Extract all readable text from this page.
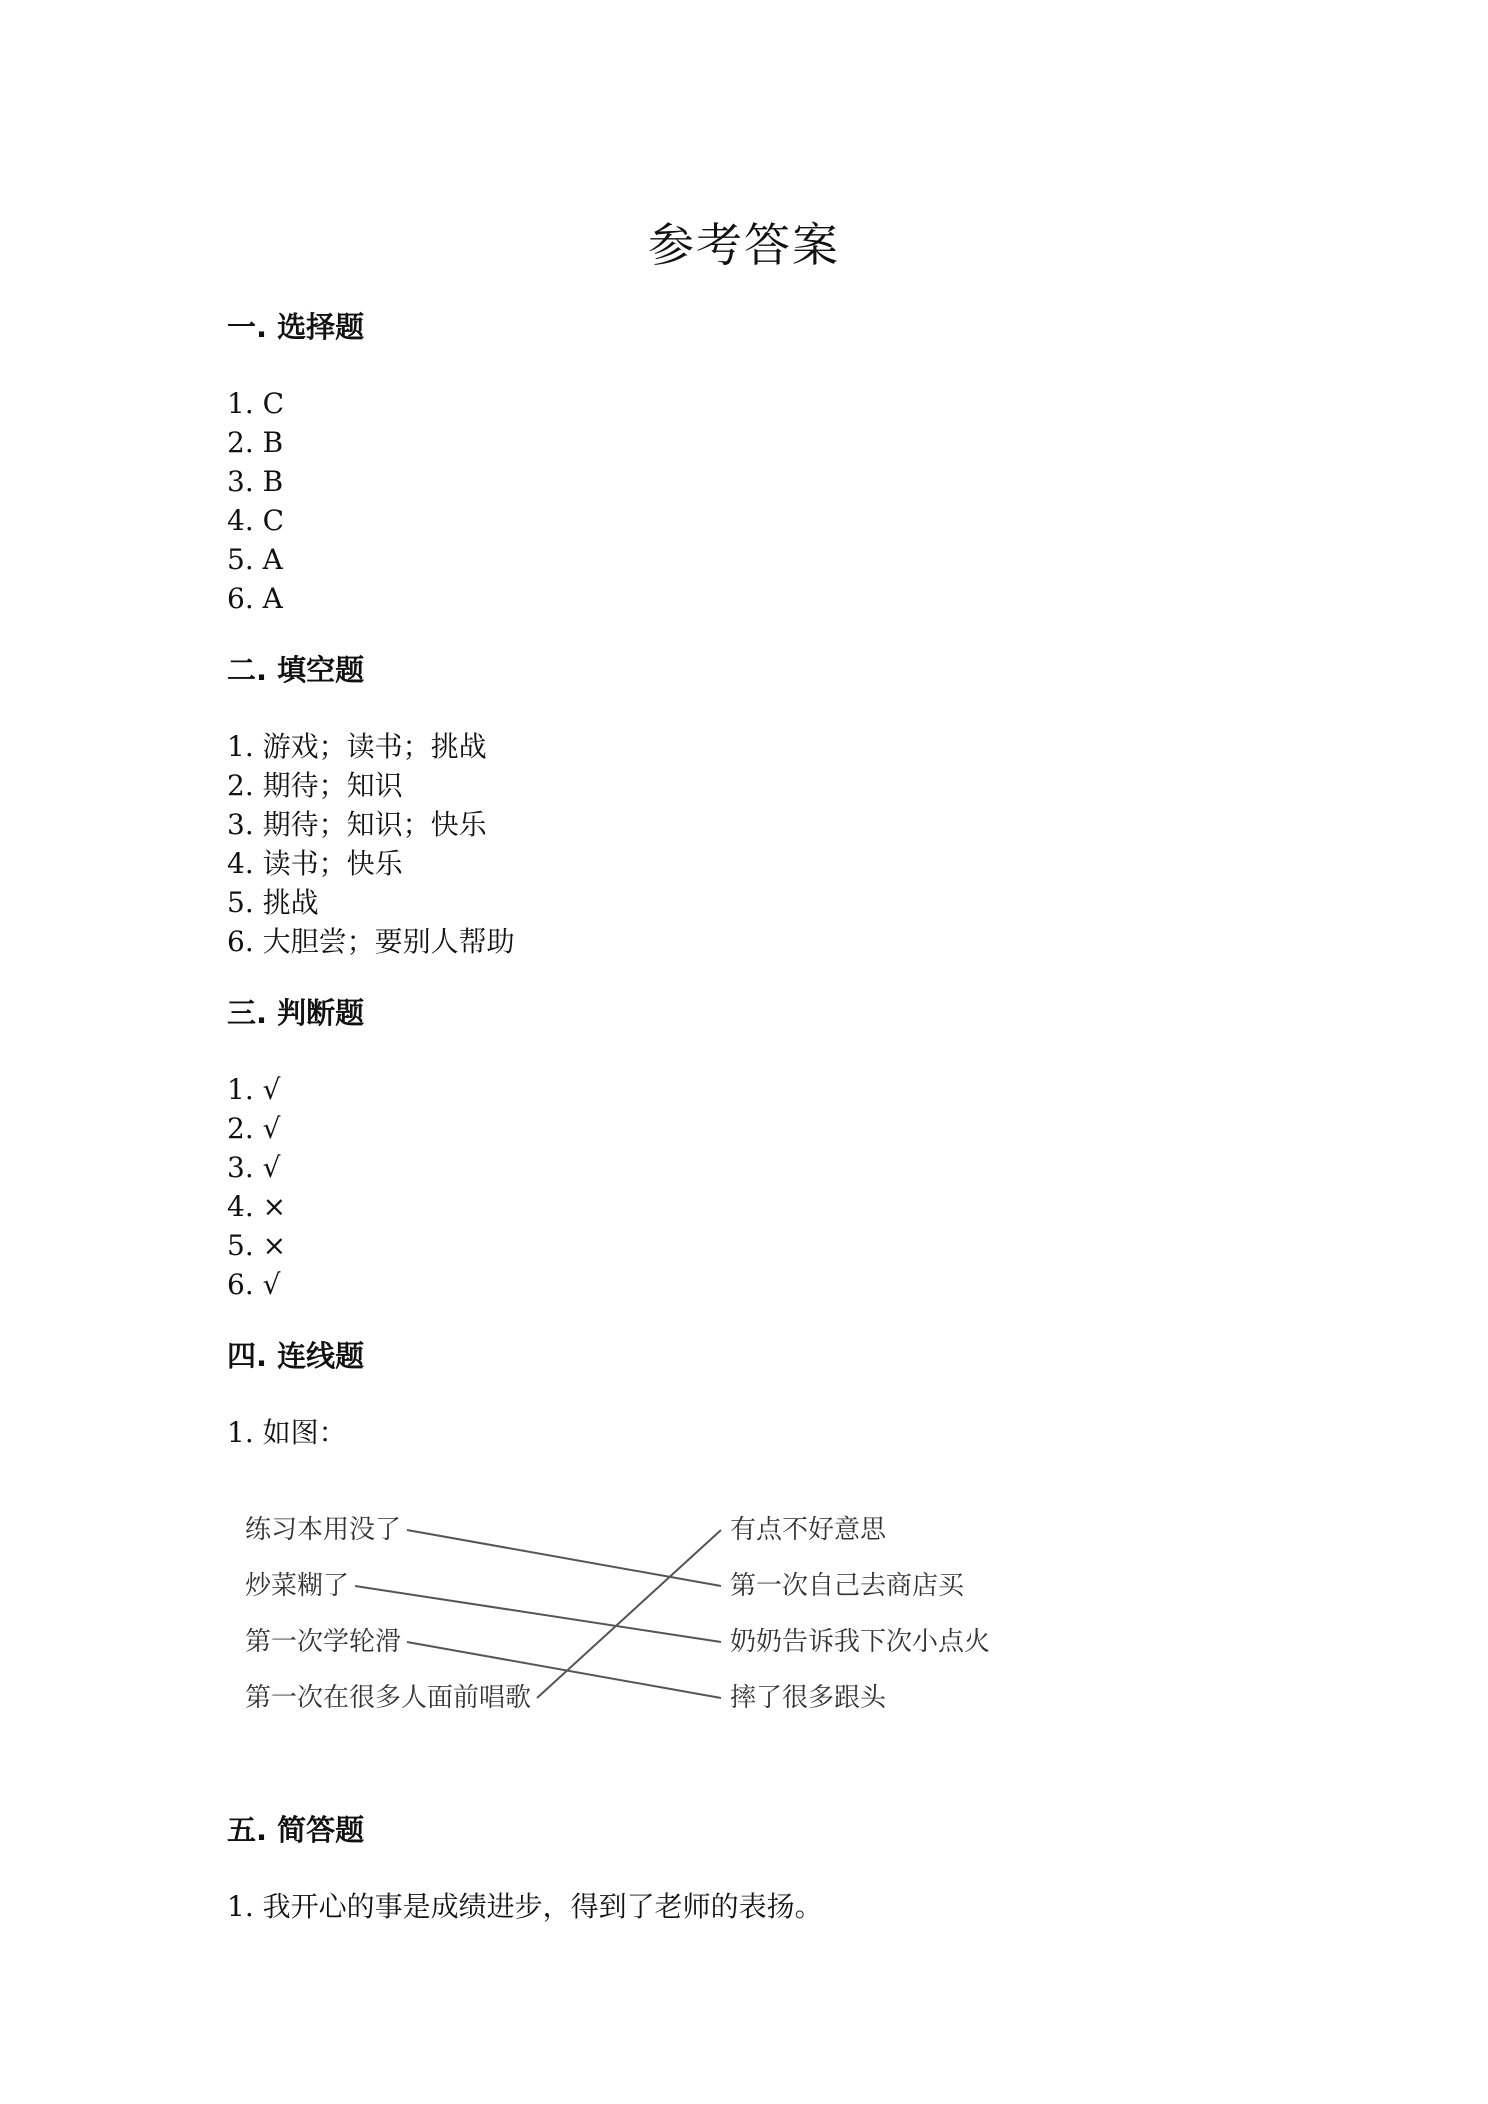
参考答案
一. 选择题
1. C
2. B
3. B
4. C
5. A
6. A
二. 填空题
1. 游戏；读书；挑战
2. 期待；知识
3. 期待；知识；快乐
4. 读书；快乐
5. 挑战
6. 大胆尝；要别人帮助
三. 判断题
1. √
2. √
3. √
4. ×
5. ×
6. √
四. 连线题
1. 如图：
练习本用没了
炒菜糊了
第一次学轮滑
第一次在很多人面前唱歌
有点不好意思
第一次自己去商店买
奶奶告诉我下次小点火
摔了很多跟头
五. 简答题
1. 我开心的事是成绩进步，得到了老师的表扬。
